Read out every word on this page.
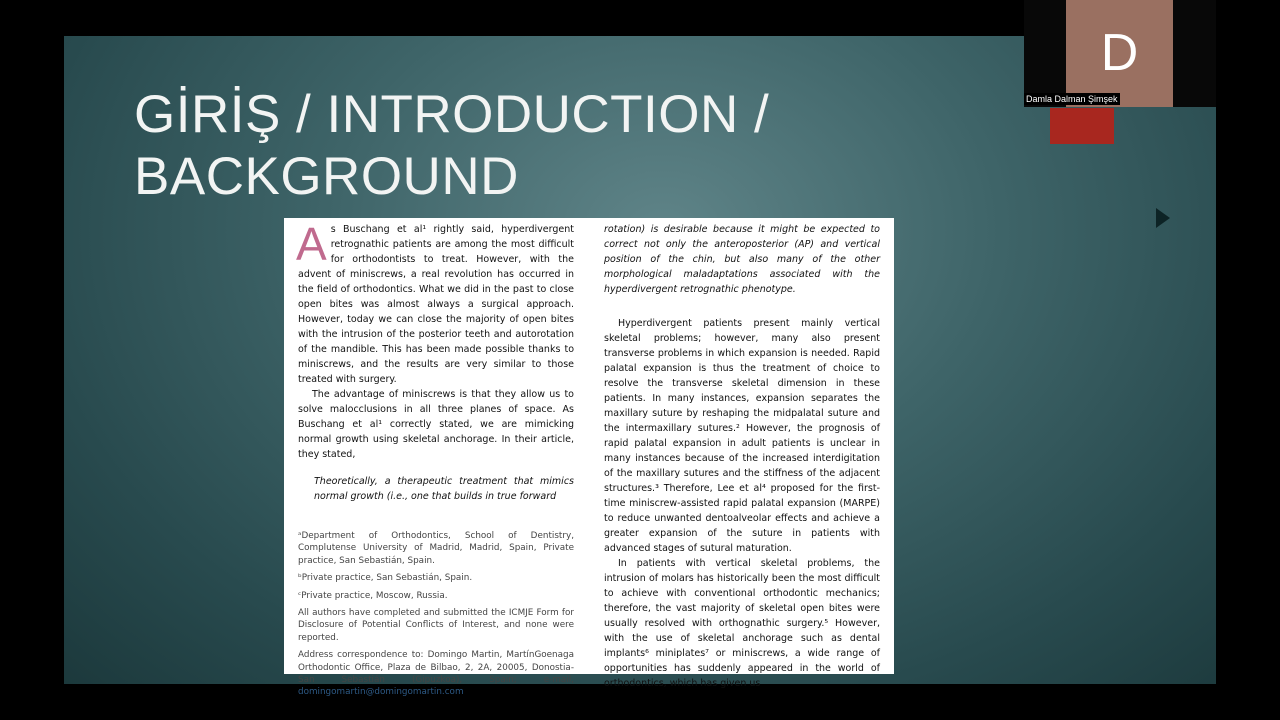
GİRİŞ / INTRODUCTION /
BACKGROUND

As Buschang et al¹ rightly said, hyperdivergent retrognathic patients are among the most difficult for orthodontists to treat. However, with the advent of miniscrews, a real revolution has occurred in the field of orthodontics. What we did in the past to close open bites was almost always a surgical approach. However, today we can close the majority of open bites with the intrusion of the posterior teeth and autorotation of the mandible. This has been made possible thanks to miniscrews, and the results are very similar to those treated with surgery.

The advantage of miniscrews is that they allow us to solve malocclusions in all three planes of space. As Buschang et al¹ correctly stated, we are mimicking normal growth using skeletal anchorage. In their article, they stated,

Theoretically, a therapeutic treatment that mimics normal growth (i.e., one that builds in true forward

ᵃDepartment of Orthodontics, School of Dentistry, Complutense University of Madrid, Madrid, Spain, Private practice, San Sebastián, Spain.

ᵇPrivate practice, San Sebastián, Spain.

ᶜPrivate practice, Moscow, Russia.

All authors have completed and submitted the ICMJE Form for Disclosure of Potential Conflicts of Interest, and none were reported.

Address correspondence to: Domingo Martin, MartínGoenaga Orthodontic Office, Plaza de Bilbao, 2, 2A, 20005, Donostia-San Sebastián (Gipuzkoa), Spain; e-mail, domingomartin@domingomartin.com

rotation) is desirable because it might be expected to correct not only the anteroposterior (AP) and vertical position of the chin, but also many of the other morphological maladaptations associated with the hyperdivergent retrognathic phenotype.

Hyperdivergent patients present mainly vertical skeletal problems; however, many also present transverse problems in which expansion is needed. Rapid palatal expansion is thus the treatment of choice to resolve the transverse skeletal dimension in these patients. In many instances, expansion separates the maxillary suture by reshaping the midpalatal suture and the intermaxillary sutures.² However, the prognosis of rapid palatal expansion in adult patients is unclear in many instances because of the increased interdigitation of the maxillary sutures and the stiffness of the adjacent structures.³ Therefore, Lee et al⁴ proposed for the first-time miniscrew-assisted rapid palatal expansion (MARPE) to reduce unwanted dentoalveolar effects and achieve a greater expansion of the suture in patients with advanced stages of sutural maturation.

In patients with vertical skeletal problems, the intrusion of molars has historically been the most difficult to achieve with conventional orthodontic mechanics; therefore, the vast majority of skeletal open bites were usually resolved with orthognathic surgery.⁵ However, with the use of skeletal anchorage such as dental implants⁶ miniplates⁷ or miniscrews, a wide range of opportunities has suddenly appeared in the world of orthodontics, which has given us

D
Damla Dalman Şimşek
